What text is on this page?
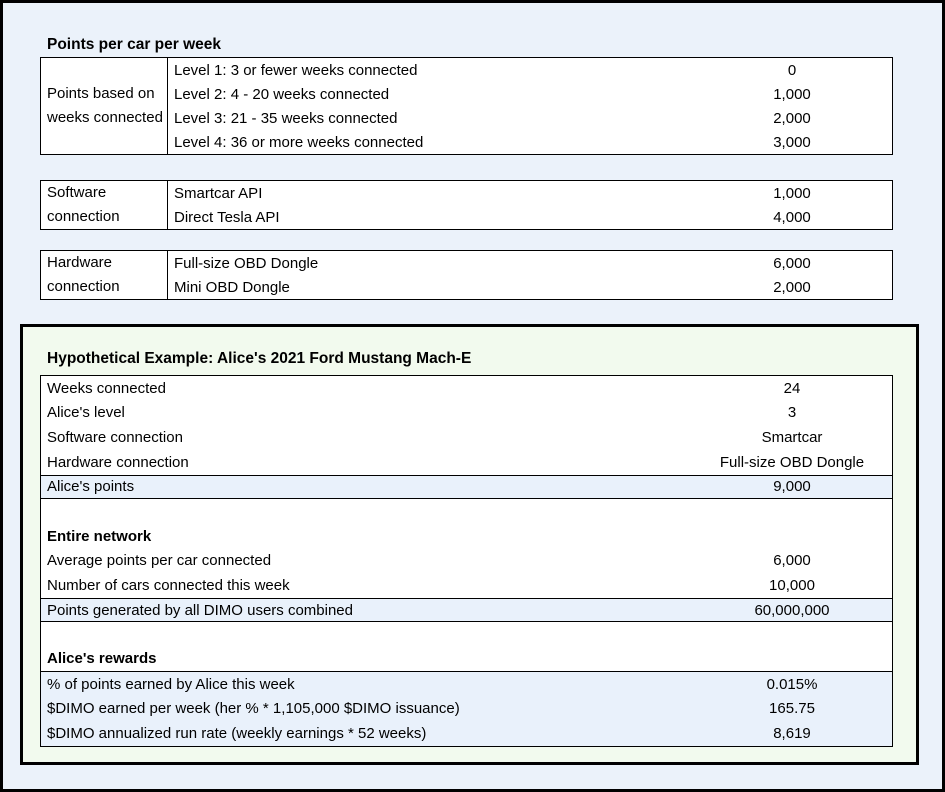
Points per car per week
Points based on weeks connected
Level 1: 3 or fewer weeks connected	0
Level 2: 4 - 20 weeks connected	1,000
Level 3: 21 - 35 weeks connected	2,000
Level 4: 36 or more weeks connected	3,000
Software connection
Smartcar API	1,000
Direct Tesla API	4,000
Hardware connection
Full-size OBD Dongle	6,000
Mini OBD Dongle	2,000
Hypothetical Example: Alice's 2021 Ford Mustang Mach-E
Weeks connected	24
Alice's level	3
Software connection	Smartcar
Hardware connection	Full-size OBD Dongle
Alice's points	9,000
Entire network
Average points per car connected	6,000
Number of cars connected this week	10,000
Points generated by all DIMO users combined	60,000,000
Alice's rewards
% of points earned by Alice this week	0.015%
$DIMO earned per week (her % * 1,105,000 $DIMO issuance)	165.75
$DIMO annualized run rate (weekly earnings * 52 weeks)	8,619
